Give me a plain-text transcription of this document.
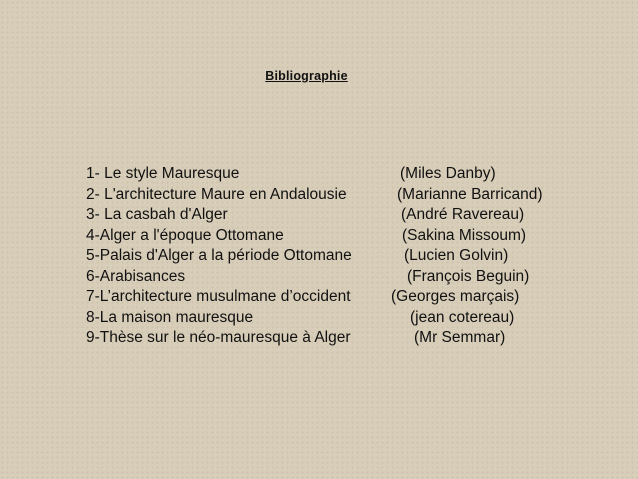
Bibliographie
1- Le style Mauresque	(Miles Danby)
2- L'architecture Maure en Andalousie	(Marianne Barricand)
3- La casbah d'Alger	(André Ravereau)
4-Alger a l'époque Ottomane	(Sakina Missoum)
5-Palais d'Alger a la période Ottomane	(Lucien Golvin)
6-Arabisances	(François Beguin)
7-L’architecture musulmane d’occident	(Georges marçais)
8-La maison mauresque	(jean cotereau)
9-Thèse sur le néo-mauresque à Alger	(Mr Semmar)
